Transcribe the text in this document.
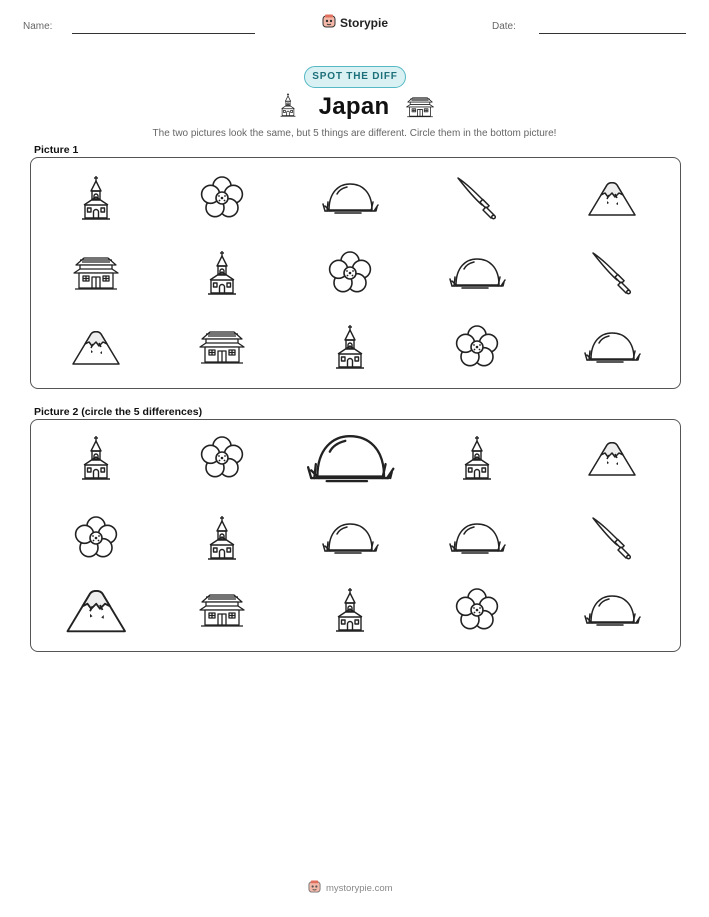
Name:	Storypie	Date:
SPOT THE DIFF
Japan
The two pictures look the same, but 5 things are different. Circle them in the bottom picture!
Picture 1
Picture 2 (circle the 5 differences)
mystorypie.com
